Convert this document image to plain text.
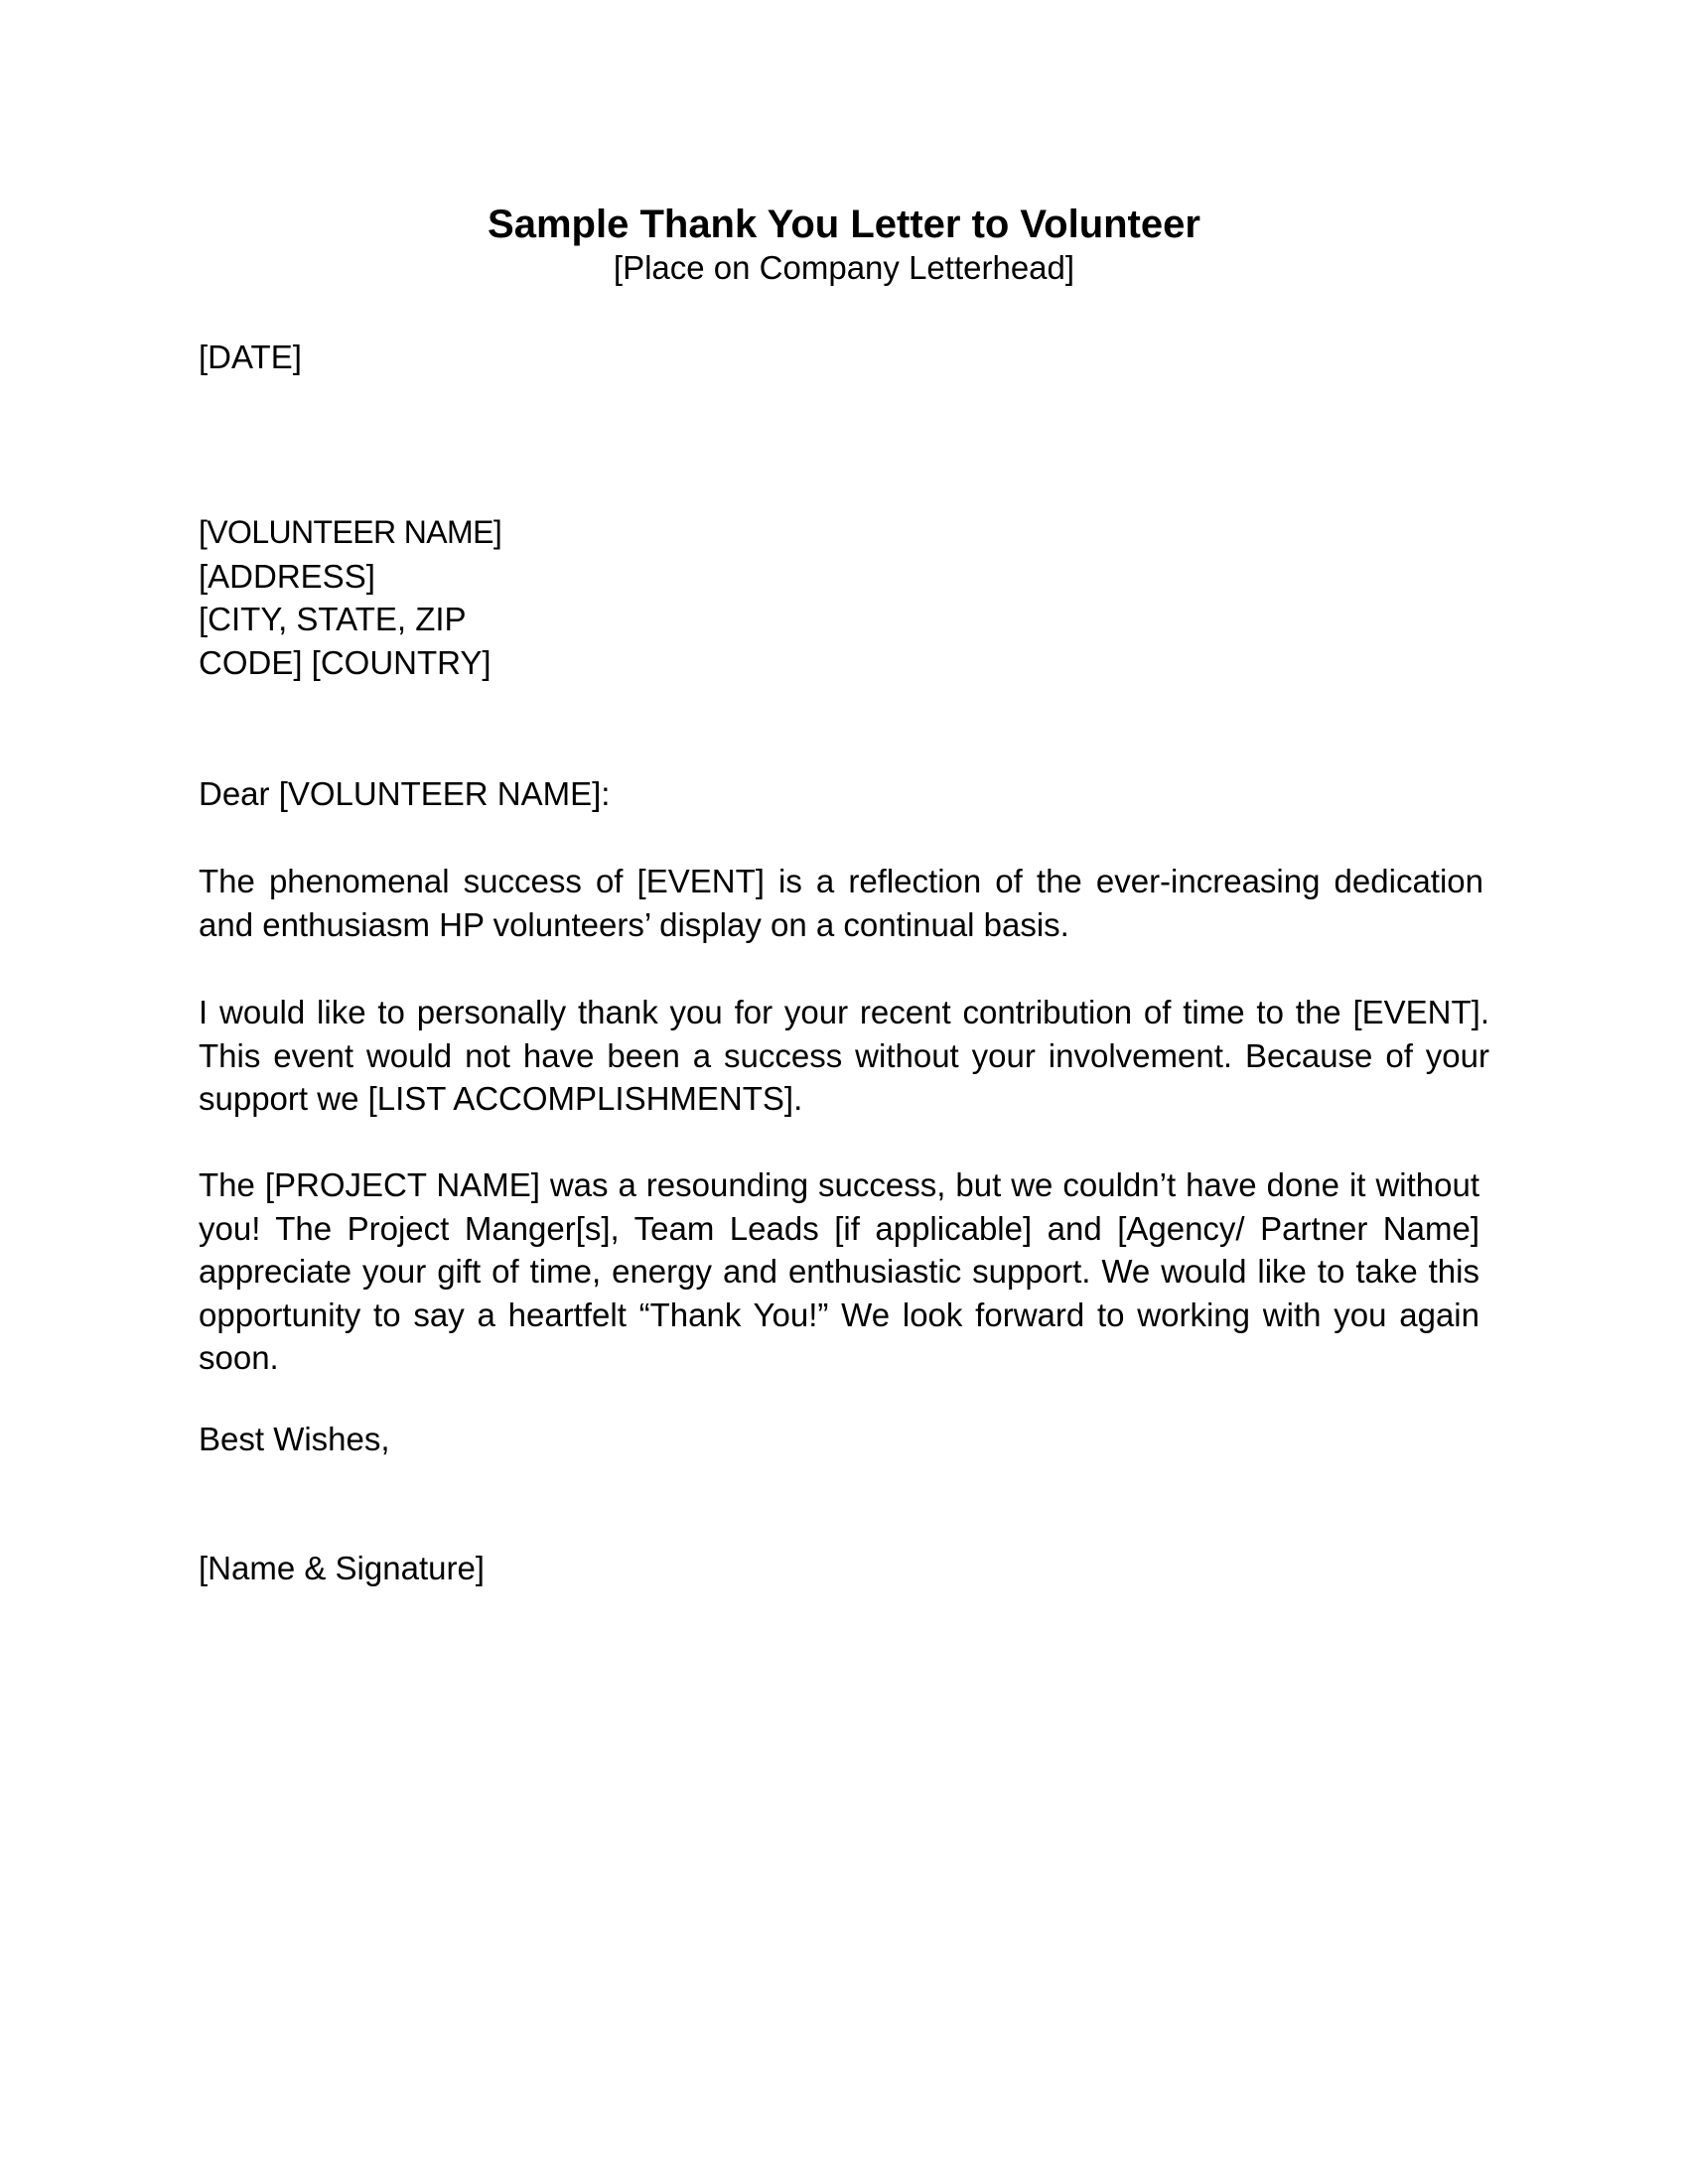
Sample Thank You Letter to Volunteer
[Place on Company Letterhead]
[DATE]
[VOLUNTEER NAME]
[ADDRESS]
[CITY, STATE, ZIP
CODE] [COUNTRY]
Dear [VOLUNTEER NAME]:
The phenomenal success of [EVENT] is a reflection of the ever-increasing dedication and enthusiasm HP volunteers’ display on a continual basis.
I would like to personally thank you for your recent contribution of time to the [EVENT]. This event would not have been a success without your involvement. Because of your support we [LIST ACCOMPLISHMENTS].
The [PROJECT NAME] was a resounding success, but we couldn’t have done it without you! The Project Manger[s], Team Leads [if applicable] and [Agency/ Partner Name] appreciate your gift of time, energy and enthusiastic support. We would like to take this opportunity to say a heartfelt “Thank You!” We look forward to working with you again soon.
Best Wishes,
[Name & Signature]
